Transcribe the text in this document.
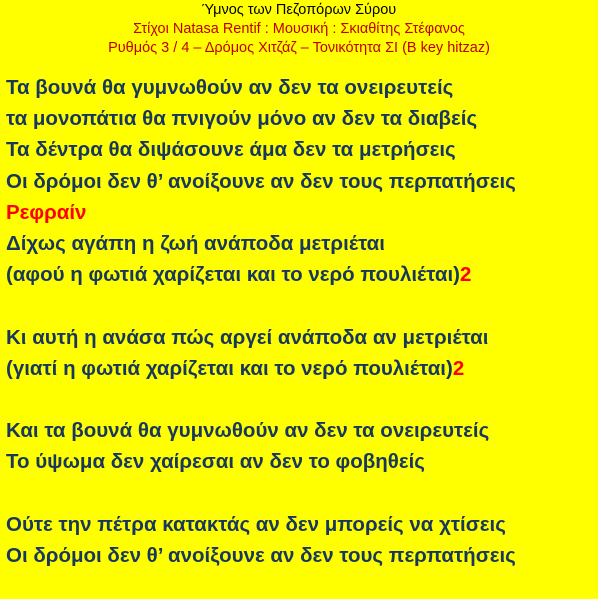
Ύμνος των Πεζοπόρων Σύρου
Στίχοι Natasa Rentif : Μουσική : Σκιαθίτης Στέφανος
Ρυθμός 3 / 4 – Δρόμος Χιτζάζ – Τονικότητα ΣΙ (B key hitzaz)
Τα βουνά θα γυμνωθούν αν δεν τα ονειρευτείς
τα μονοπάτια θα πνιγούν μόνο αν δεν τα διαβείς
Τα δέντρα θα διψάσουνε άμα δεν τα μετρήσεις
Οι δρόμοι δεν θ’ ανοίξουνε αν δεν τους περπατήσεις
Ρεφραίν
Δίχως αγάπη η ζωή ανάποδα μετριέται
(αφού η φωτιά χαρίζεται και το νερό πουλιέται)2
Κι αυτή η ανάσα πώς αργεί ανάποδα αν μετριέται
(γιατί η φωτιά χαρίζεται και το νερό πουλιέται)2
Και τα βουνά θα γυμνωθούν αν δεν τα ονειρευτείς
Το ύψωμα δεν χαίρεσαι αν δεν το φοβηθείς
Ούτε την πέτρα κατακτάς αν δεν μπορείς να χτίσεις
Οι δρόμοι δεν θ’ ανοίξουνε αν δεν τους περπατήσεις
